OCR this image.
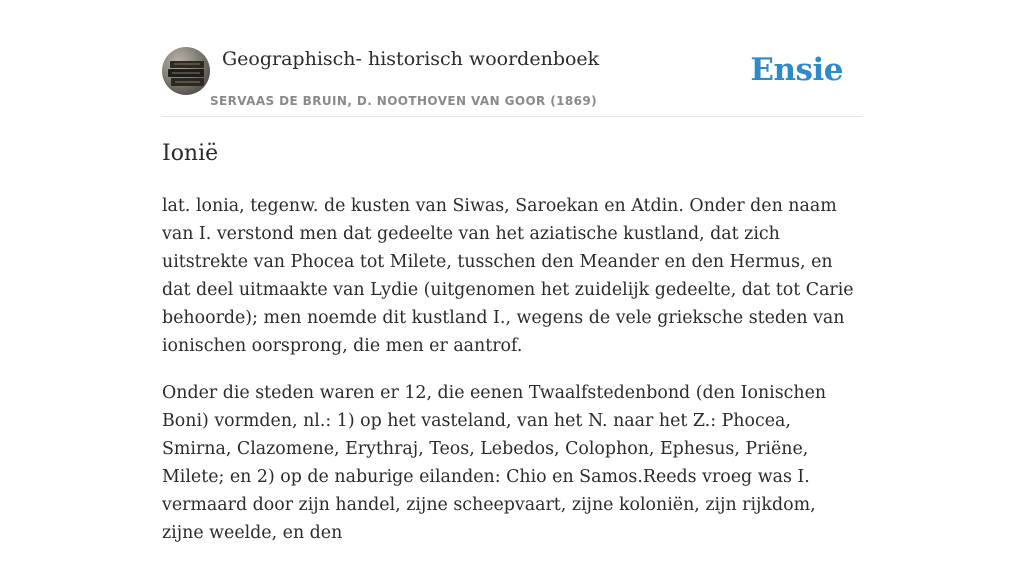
Geographisch- historisch woordenboek
SERVAAS DE BRUIN, D. NOOTHOVEN VAN GOOR (1869)
Ensie
Ionië

lat. lonia, tegenw. de kusten van Siwas, Saroekan en Atdin. Onder den naam van I. verstond men dat gedeelte van het aziatische kustland, dat zich uitstrekte van Phocea tot Milete, tusschen den Meander en den Hermus, en dat deel uitmaakte van Lydie (uitgenomen het zuidelijk gedeelte, dat tot Carie behoorde); men noemde dit kustland I., wegens de vele grieksche steden van ionischen oorsprong, die men er aantrof.

Onder die steden waren er 12, die eenen Twaalfstedenbond (den Ionischen Boni) vormden, nl.: 1) op het vasteland, van het N. naar het Z.: Phocea, Smirna, Clazomene, Erythraj, Teos, Lebedos, Colophon, Ephesus, Priëne, Milete; en 2) op de naburige eilanden: Chio en Samos.Reeds vroeg was I. vermaard door zijn handel, zijne scheepvaart, zijne koloniën, zijn rijkdom, zijne weelde, en den
